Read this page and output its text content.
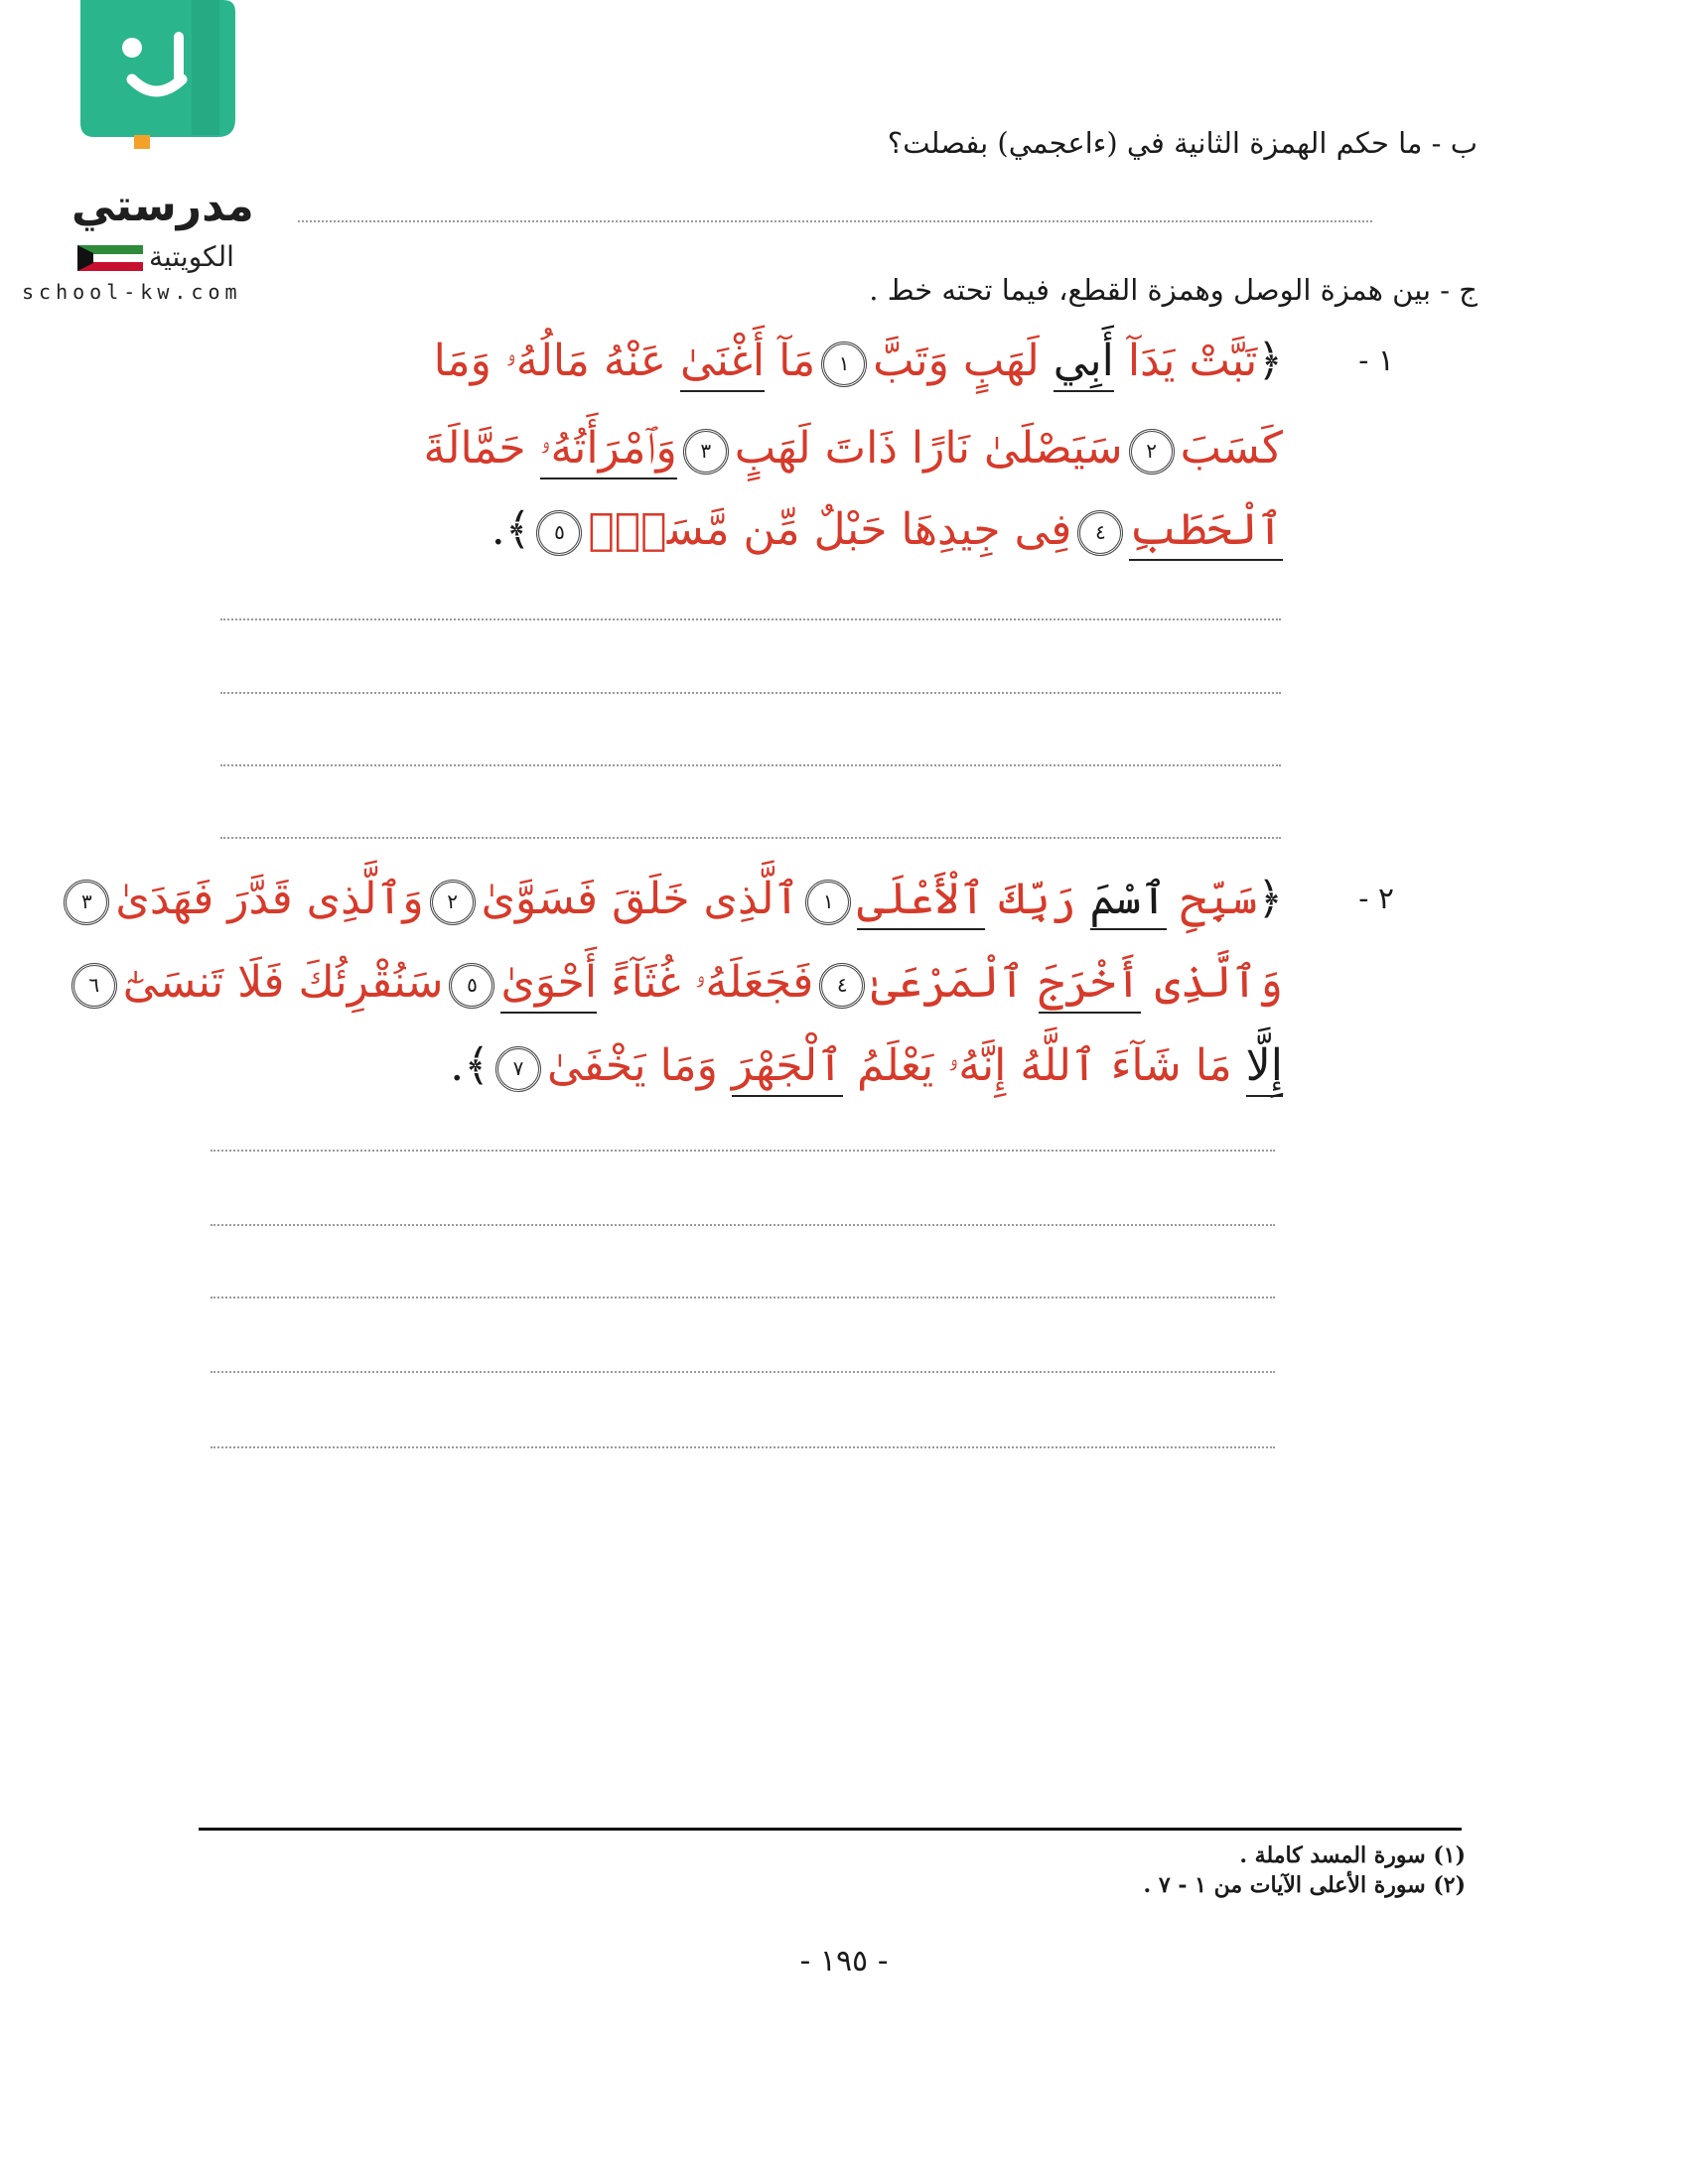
مدرستي
الكويتية
school-kw.com
ب - ما حكم الهمزة الثانية في (ءاعجمي) بفصلت؟
ج - بين همزة الوصل وهمزة القطع، فيما تحته خط .
١ -
﴿تَبَّتْ يَدَآ أَبِي لَهَبٍ وَتَبَّ١مَآ أَغْنَىٰ عَنْهُ مَالُهُۥ وَمَا
كَسَبَ٢سَيَصْلَىٰ نَارًا ذَاتَ لَهَبٍ٣وَٱمْرَأَتُهُۥ حَمَّالَةَ
ٱلْحَطَبِ٤فِى جِيدِهَا حَبْلٌ مِّن مَّسَدٍۭ٥﴾.
٢ -
﴿سَبِّحِ ٱسْمَ رَبِّكَ ٱلْأَعْلَى١ٱلَّذِى خَلَقَ فَسَوَّىٰ٢وَٱلَّذِى قَدَّرَ فَهَدَىٰ٣
وَٱلَّذِى أَخْرَجَ ٱلْمَرْعَىٰ٤فَجَعَلَهُۥ غُثَآءً أَحْوَىٰ٥سَنُقْرِئُكَ فَلَا تَنسَىٰٓ٦
إِلَّا مَا شَآءَ ٱللَّهُ إِنَّهُۥ يَعْلَمُ ٱلْجَهْرَ وَمَا يَخْفَىٰ٧﴾.
(١) سورة المسد كاملة .
(٢) سورة الأعلى الآيات من ١ - ٧ .
- ١٩٥ -
